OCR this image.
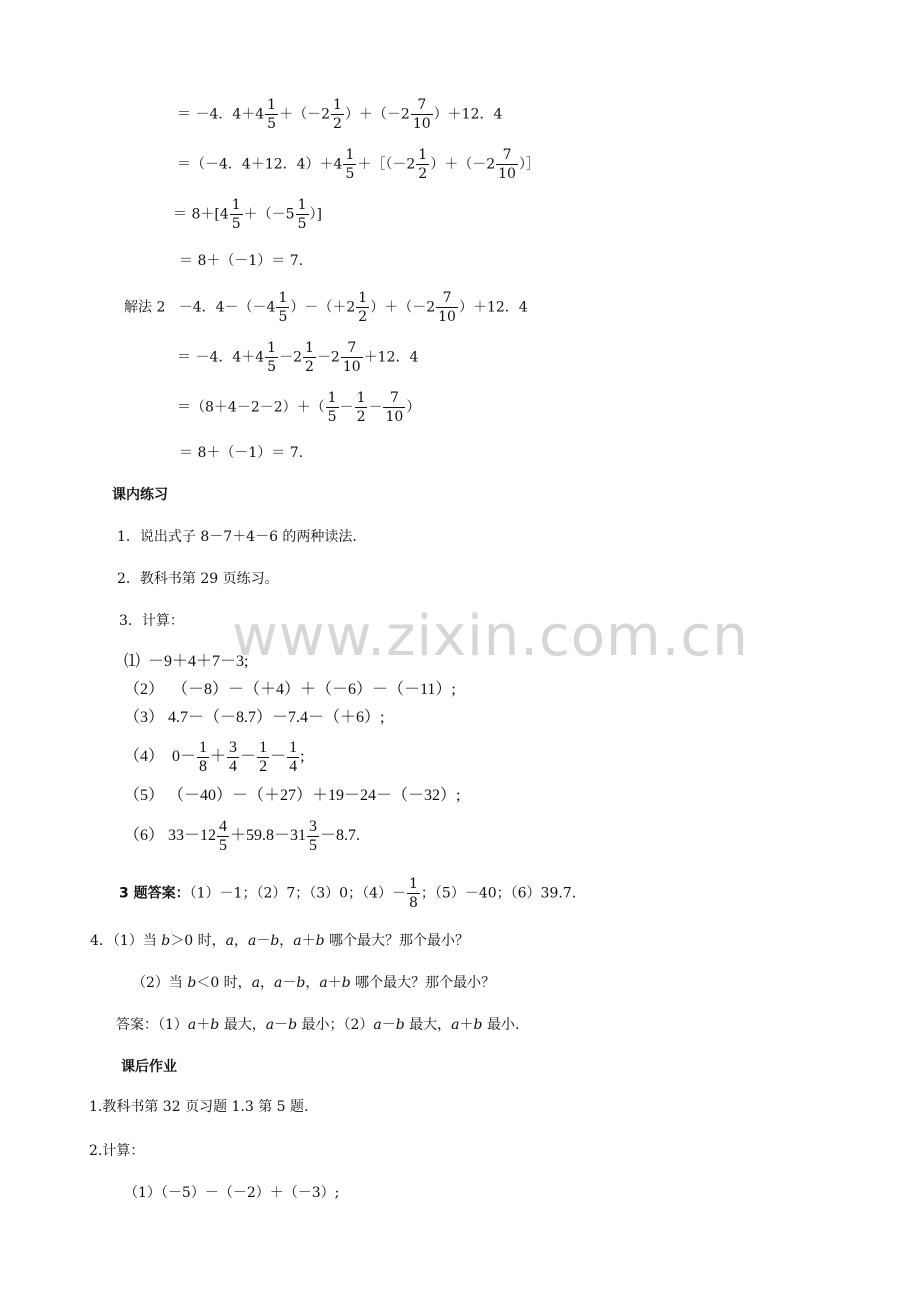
www.zixin.com.cn
＝ －4．$4+4 \frac{1}{5} +(-2 \frac{1}{2} )+(-2 \frac{7}{10} )+12$．4
＝（－4．4＋12．$4)+4 \frac{1}{5}$ ＋［（－2 $\frac{1}{2} )+(-2 \frac{7}{10}$ ）］
＝ $8+[4 \frac{1}{5} +(-5 \frac{1}{5}$ ）]
＝ 8＋（－1）＝ 7.
解法 2 －4．$4-(-4 \frac{1}{5} )-(+2 \frac{1}{2} )+(-2 \frac{7}{10} )+12$．4
＝ －4．$4+4 \frac{1}{5} -2 \frac{1}{2} -2 \frac{7}{10} +12$．4
$=(8+4-2-2)+( \frac{1}{5} - \frac{1}{2} - \frac{7}{10}$ ）
＝ 8＋（－1）＝ 7.
课内练习
1．说出式子 8－7＋4－6 的两种读法.
2．教科书第 29 页练习。
3．计算：
⑴ －9＋4＋7－3;
（2） （－8）－（＋4）＋（－6）－（－11）;
（3） 4.7－（－8.7）－7.4－（＋6）;
（4） $0- \frac{1}{8} + \frac{3}{4} - \frac{1}{2} - \frac{1}{4}$ ;
（5） （－40）－（＋27）＋19－24－（－32）;
（6） $33-12 \frac{4}{5} +59.8-31 \frac{3}{5} -8.7$.
3 题答案：（1）－1；（2）7；（3）0；$(4)- \frac{1}{8}$ ；（5）－40；（6）39.7.
4．（1）当 b＞0 时，a，a－b，a＋b 哪个最大？那个最小？
（2）当 b＜0 时，a，a－b，a＋b 哪个最大？那个最小？
答案：（1）a＋b 最大，a－b 最小；（2）a－b 最大，a＋b 最小.
课后作业
1.教科书第 32 页习题 1.3 第 5 题.
2.计算：
（1）（－5）－（－2）＋（－3）;
